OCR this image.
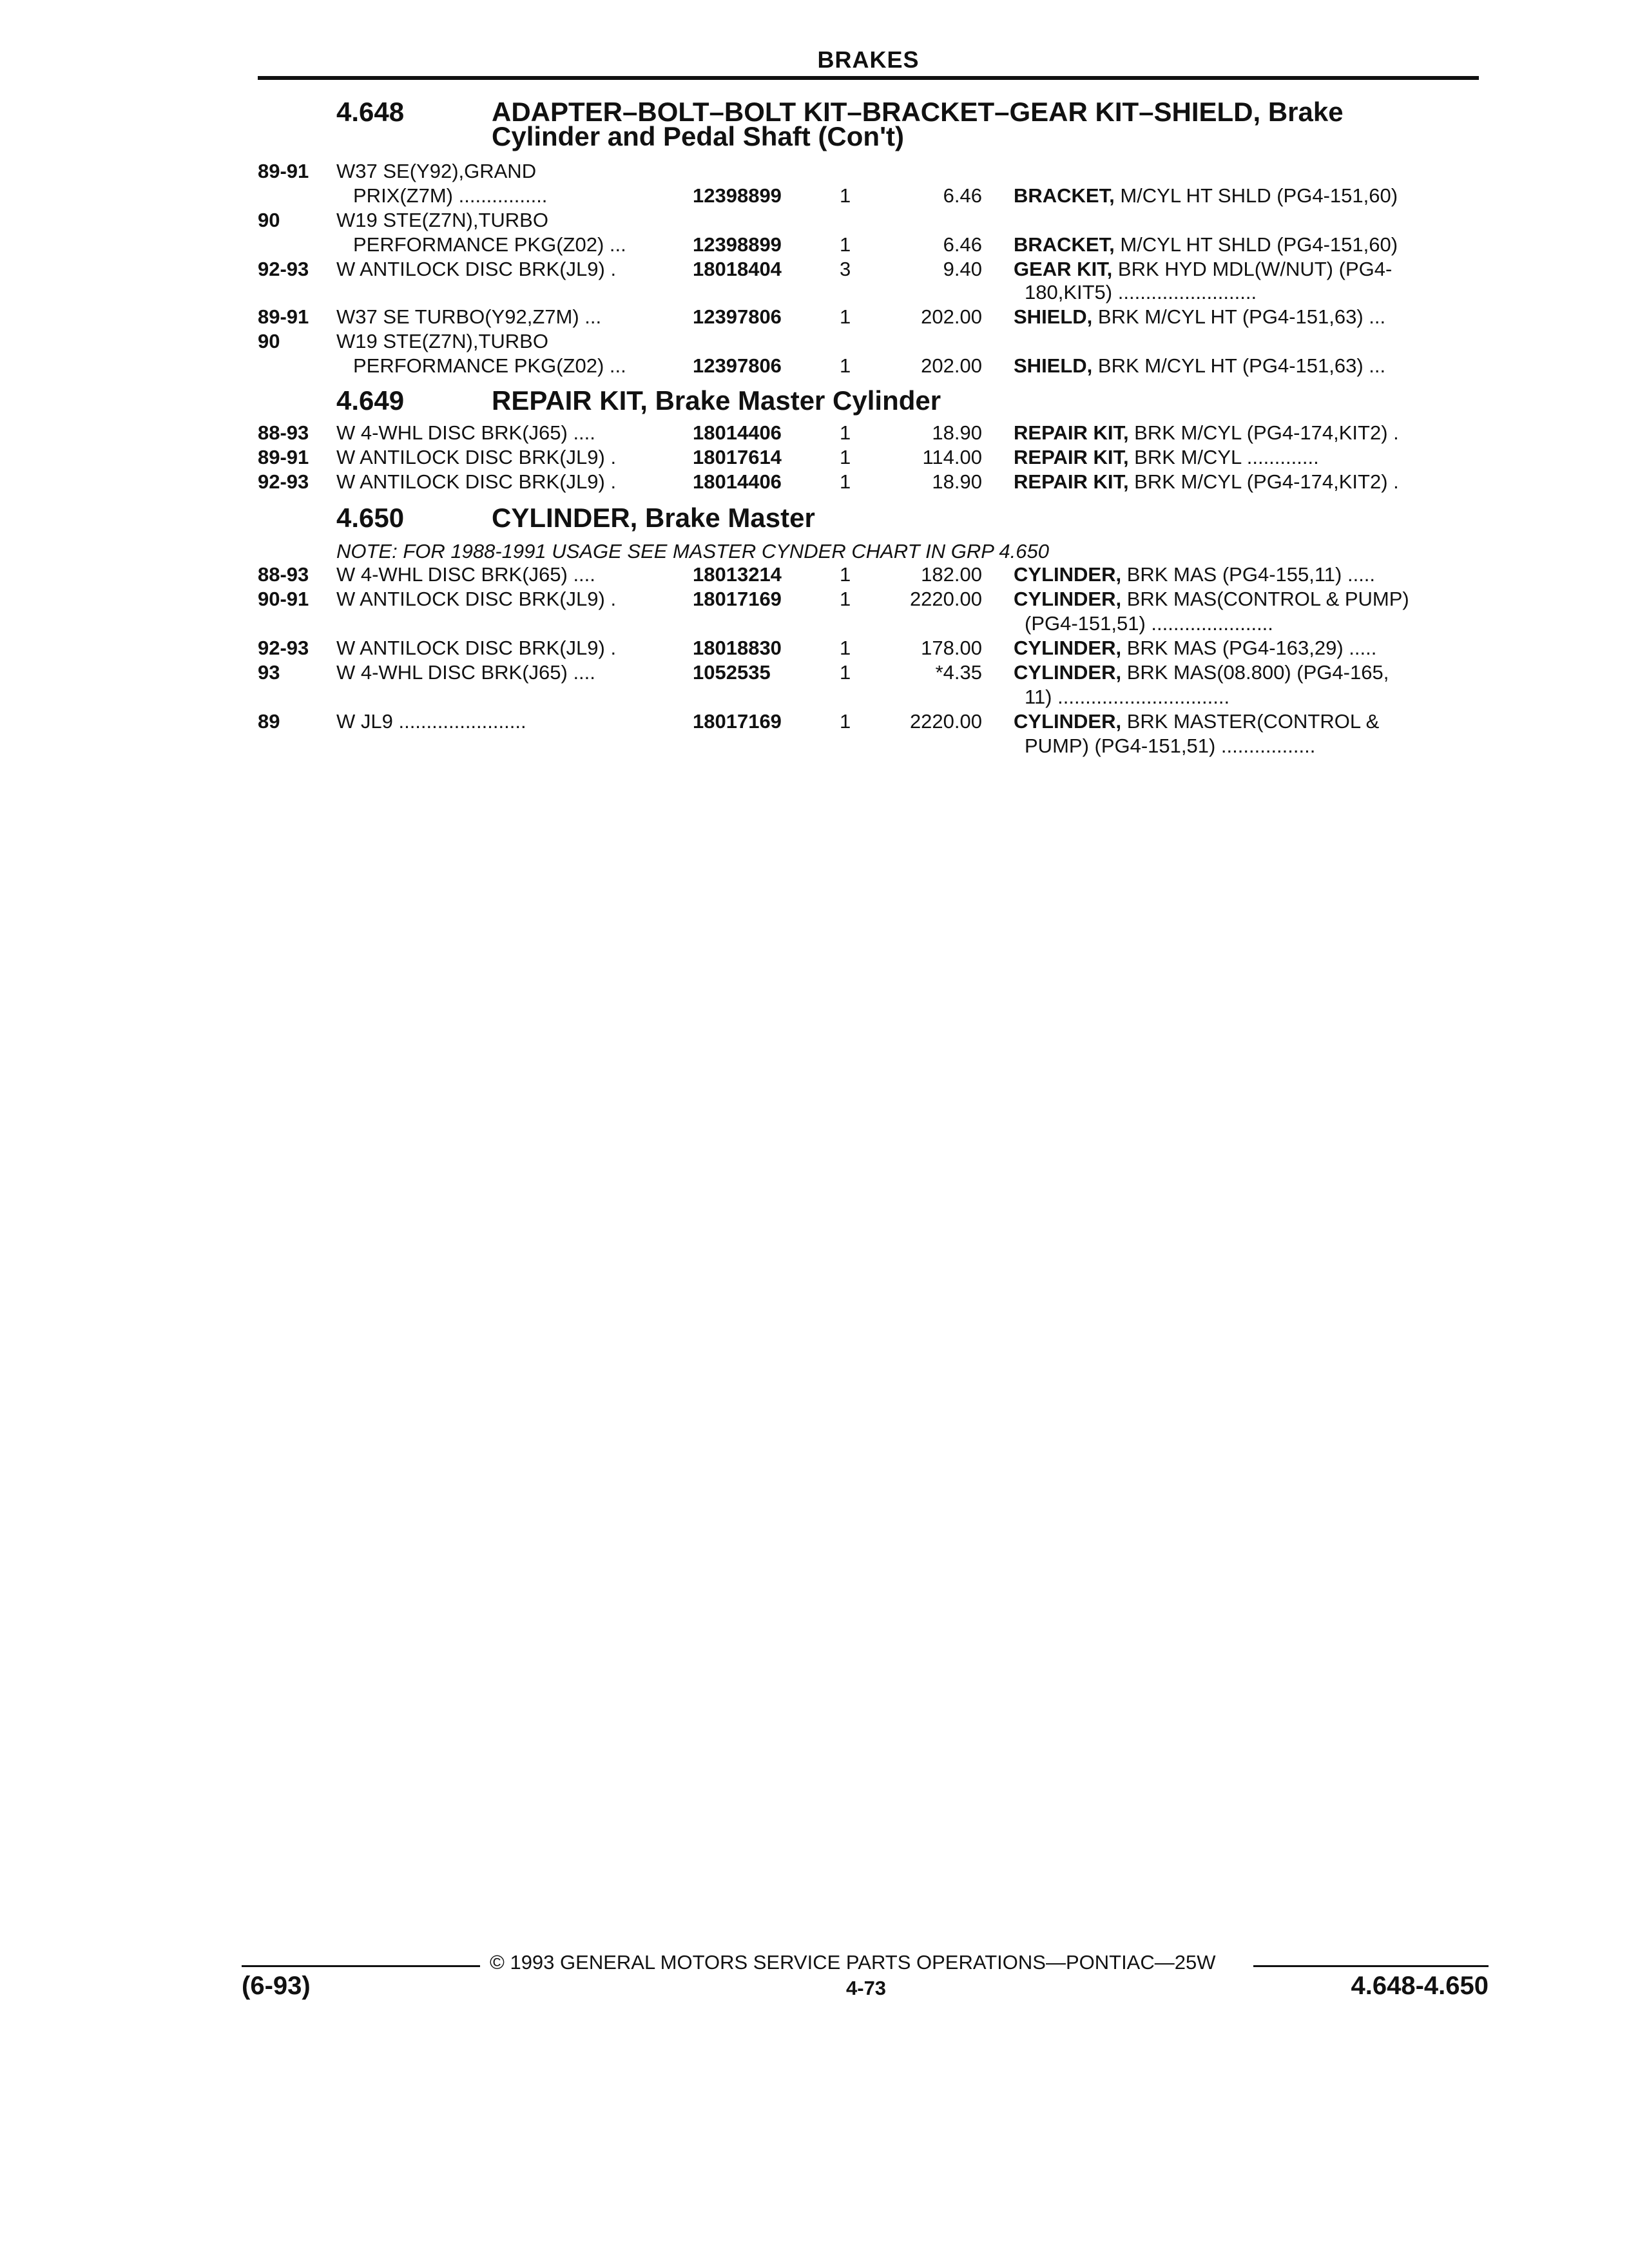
BRAKES
4.648	ADAPTER–BOLT–BOLT KIT–BRACKET–GEAR KIT–SHIELD, Brake
Cylinder and Pedal Shaft (Con't)
89-91 W37 SE(Y92),GRAND
PRIX(Z7M) ................	12398899	1	6.46 BRACKET, M/CYL HT SHLD (PG4-151,60)
90	W19 STE(Z7N),TURBO
PERFORMANCE PKG(Z02) ...	12398899	1	6.46 BRACKET, M/CYL HT SHLD (PG4-151,60)
92-93 W ANTILOCK DISC BRK(JL9) .	18018404	3	9.40 GEAR KIT, BRK HYD MDL(W/NUT) (PG4-
180,KIT5) .........................
89-91 W37 SE TURBO(Y92,Z7M) ...	12397806	1	202.00 SHIELD, BRK M/CYL HT (PG4-151,63) ...
90	W19 STE(Z7N),TURBO
PERFORMANCE PKG(Z02) ...	12397806	1	202.00 SHIELD, BRK M/CYL HT (PG4-151,63) ...
4.649	REPAIR KIT, Brake Master Cylinder
88-93 W 4-WHL DISC BRK(J65) ....	18014406	1	18.90 REPAIR KIT, BRK M/CYL (PG4-174,KIT2) .
89-91 W ANTILOCK DISC BRK(JL9) .	18017614	1	114.00 REPAIR KIT, BRK M/CYL .............
92-93 W ANTILOCK DISC BRK(JL9) .	18014406	1	18.90 REPAIR KIT, BRK M/CYL (PG4-174,KIT2) .
4.650	CYLINDER, Brake Master
NOTE: FOR 1988-1991 USAGE SEE MASTER CYNDER CHART IN GRP 4.650
88-93 W 4-WHL DISC BRK(J65) ....	18013214	1	182.00 CYLINDER, BRK MAS (PG4-155,11) .....
90-91 W ANTILOCK DISC BRK(JL9) .	18017169	1	2220.00 CYLINDER, BRK MAS(CONTROL & PUMP)
(PG4-151,51) ......................
92-93 W ANTILOCK DISC BRK(JL9) .	18018830	1	178.00 CYLINDER, BRK MAS (PG4-163,29) .....
93	W 4-WHL DISC BRK(J65) ....	1052535	1	*4.35 CYLINDER, BRK MAS(08.800) (PG4-165,
11) ...............................
89	W JL9 .......................	18017169	1	2220.00 CYLINDER, BRK MASTER(CONTROL &
PUMP) (PG4-151,51) .................
© 1993 GENERAL MOTORS SERVICE PARTS OPERATIONS—PONTIAC—25W
(6-93)	4-73	4.648-4.650
